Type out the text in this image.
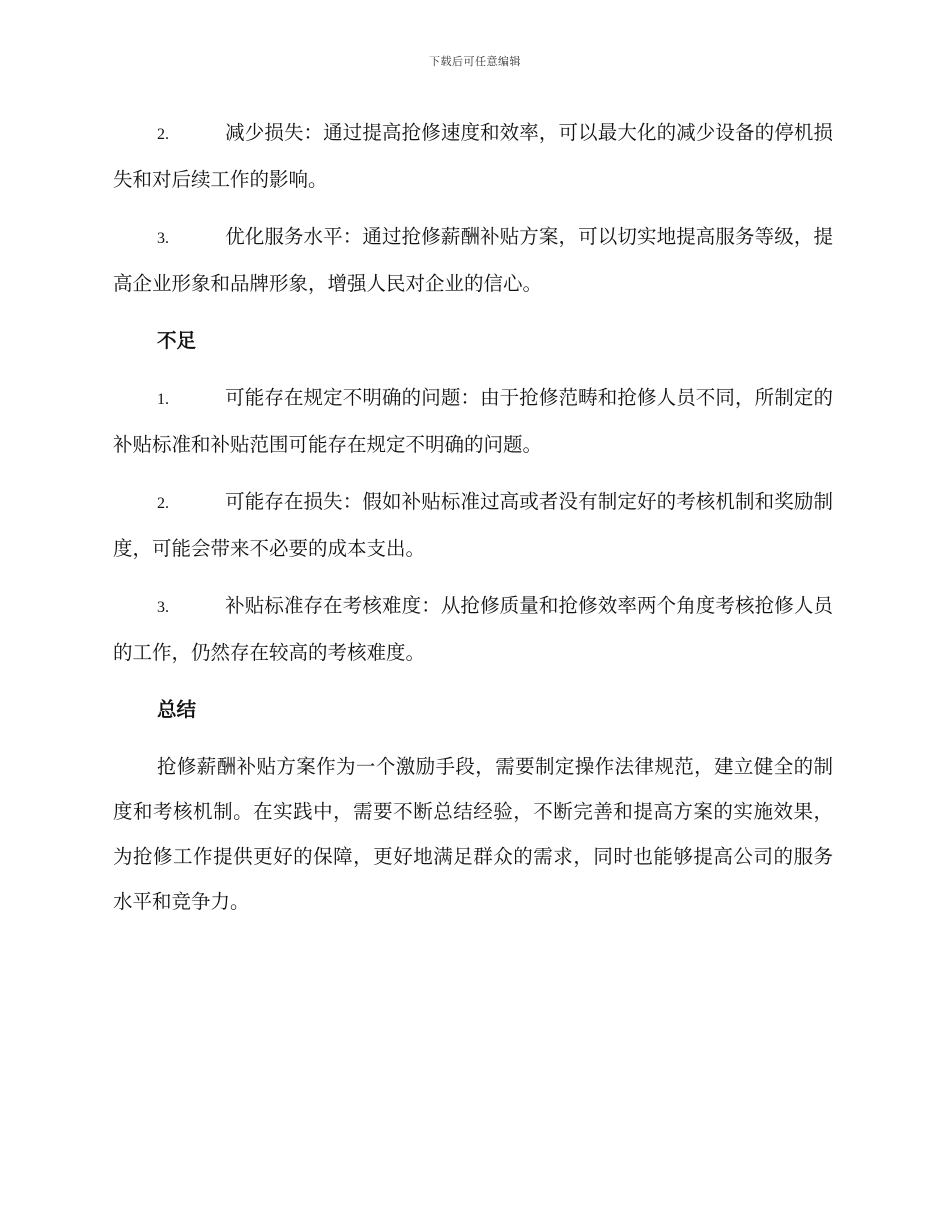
下载后可任意编辑

2.	减少损失：通过提高抢修速度和效率，可以最大化的减少设备的停机损失和对后续工作的影响。

3.	优化服务水平：通过抢修薪酬补贴方案，可以切实地提高服务等级，提高企业形象和品牌形象，增强人民对企业的信心。

不足

1.	可能存在规定不明确的问题：由于抢修范畴和抢修人员不同，所制定的补贴标准和补贴范围可能存在规定不明确的问题。

2.	可能存在损失：假如补贴标准过高或者没有制定好的考核机制和奖励制度，可能会带来不必要的成本支出。

3.	补贴标准存在考核难度：从抢修质量和抢修效率两个角度考核抢修人员的工作，仍然存在较高的考核难度。

总结

抢修薪酬补贴方案作为一个激励手段，需要制定操作法律规范，建立健全的制度和考核机制。在实践中，需要不断总结经验，不断完善和提高方案的实施效果，为抢修工作提供更好的保障，更好地满足群众的需求，同时也能够提高公司的服务水平和竞争力。
